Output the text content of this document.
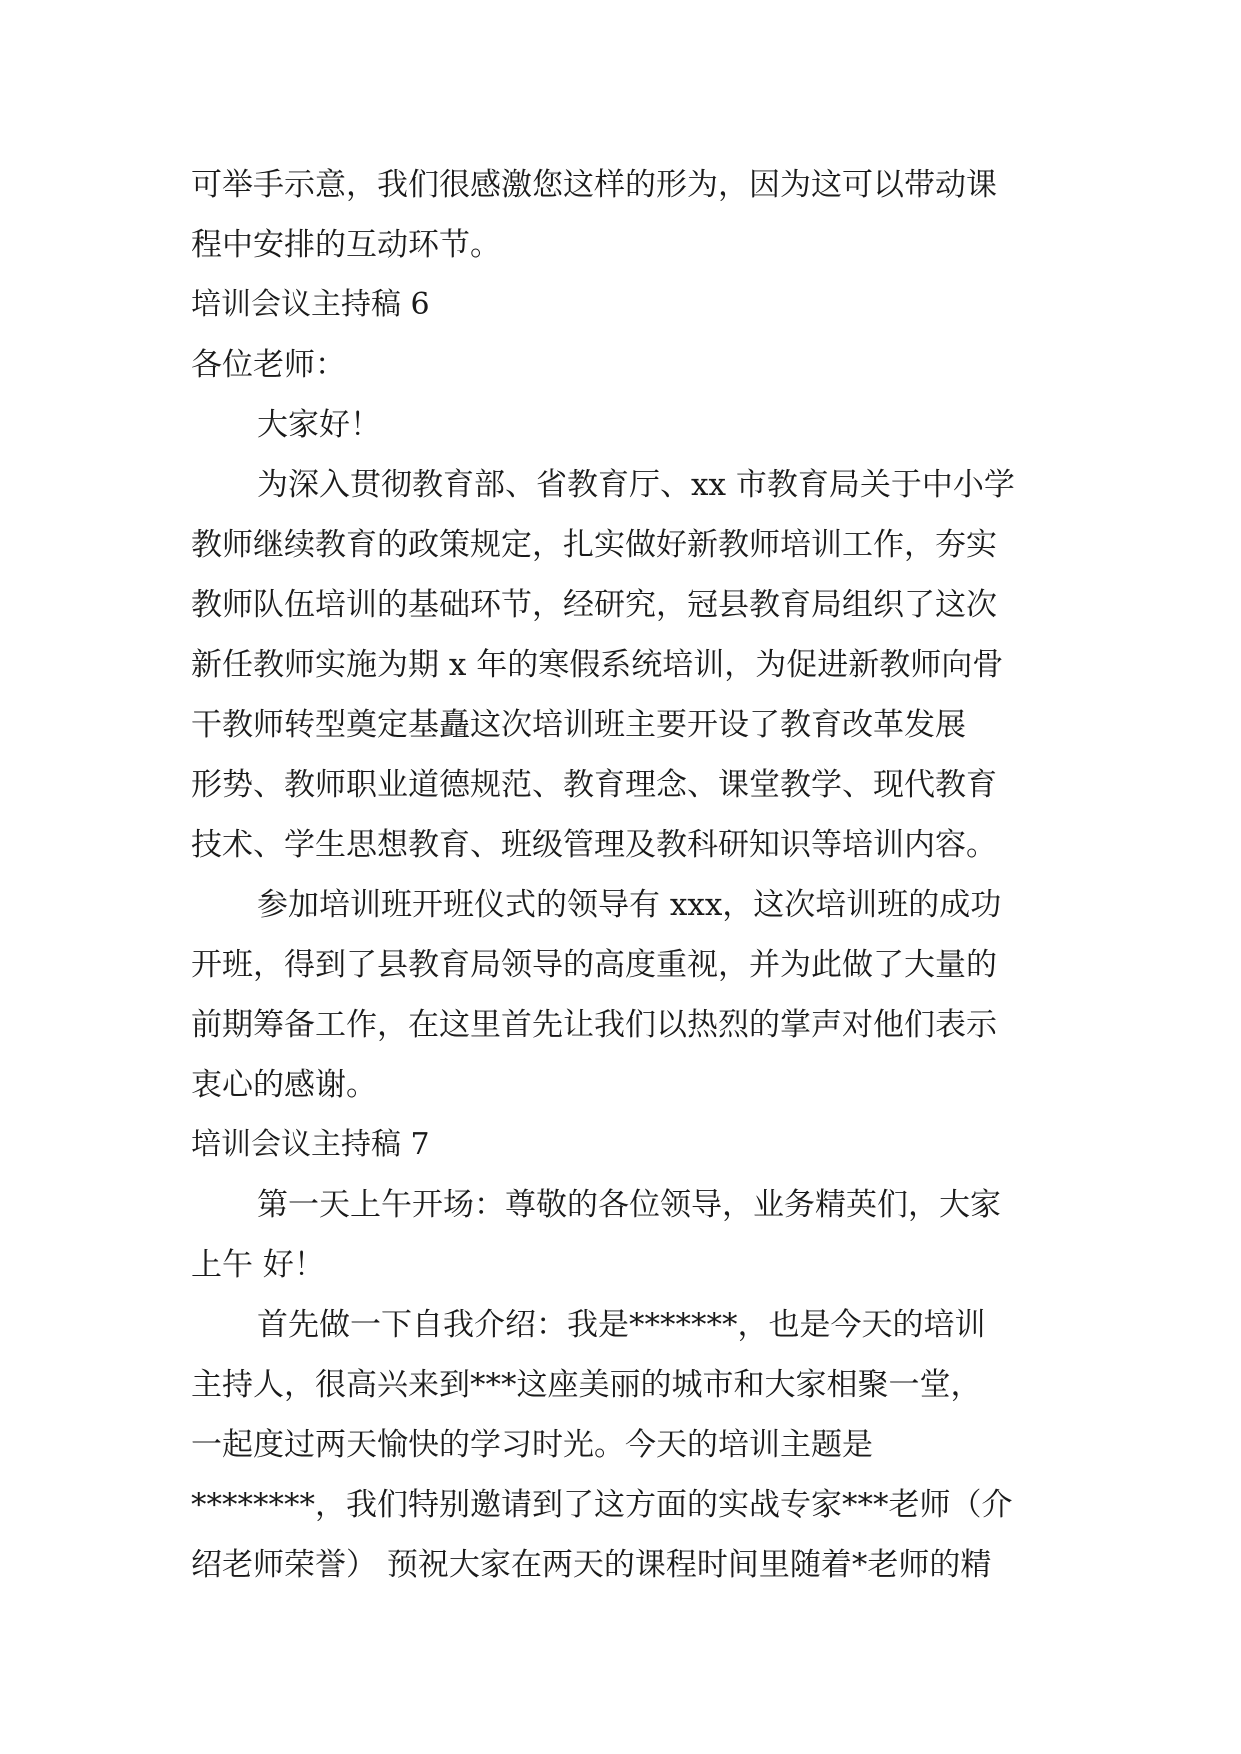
可举手示意，我们很感激您这样的形为，因为这可以带动课
程中安排的互动环节。
培训会议主持稿 6
各位老师：
大家好！
为深入贯彻教育部、省教育厅、xx 市教育局关于中小学
教师继续教育的政策规定，扎实做好新教师培训工作，夯实
教师队伍培训的基础环节，经研究，冠县教育局组织了这次
新任教师实施为期 x 年的寒假系统培训，为促进新教师向骨
干教师转型奠定基矗这次培训班主要开设了教育改革发展
形势、教师职业道德规范、教育理念、课堂教学、现代教育
技术、学生思想教育、班级管理及教科研知识等培训内容。
参加培训班开班仪式的领导有 xxx，这次培训班的成功
开班，得到了县教育局领导的高度重视，并为此做了大量的
前期筹备工作，在这里首先让我们以热烈的掌声对他们表示
衷心的感谢。
培训会议主持稿 7
第一天上午开场：尊敬的各位领导，业务精英们，大家
上午 好！
首先做一下自我介绍：我是*******，也是今天的培训
主持人，很高兴来到***这座美丽的城市和大家相聚一堂，
一起度过两天愉快的学习时光。今天的培训主题是
********，我们特别邀请到了这方面的实战专家***老师（介
绍老师荣誉） 预祝大家在两天的课程时间里随着*老师的精
